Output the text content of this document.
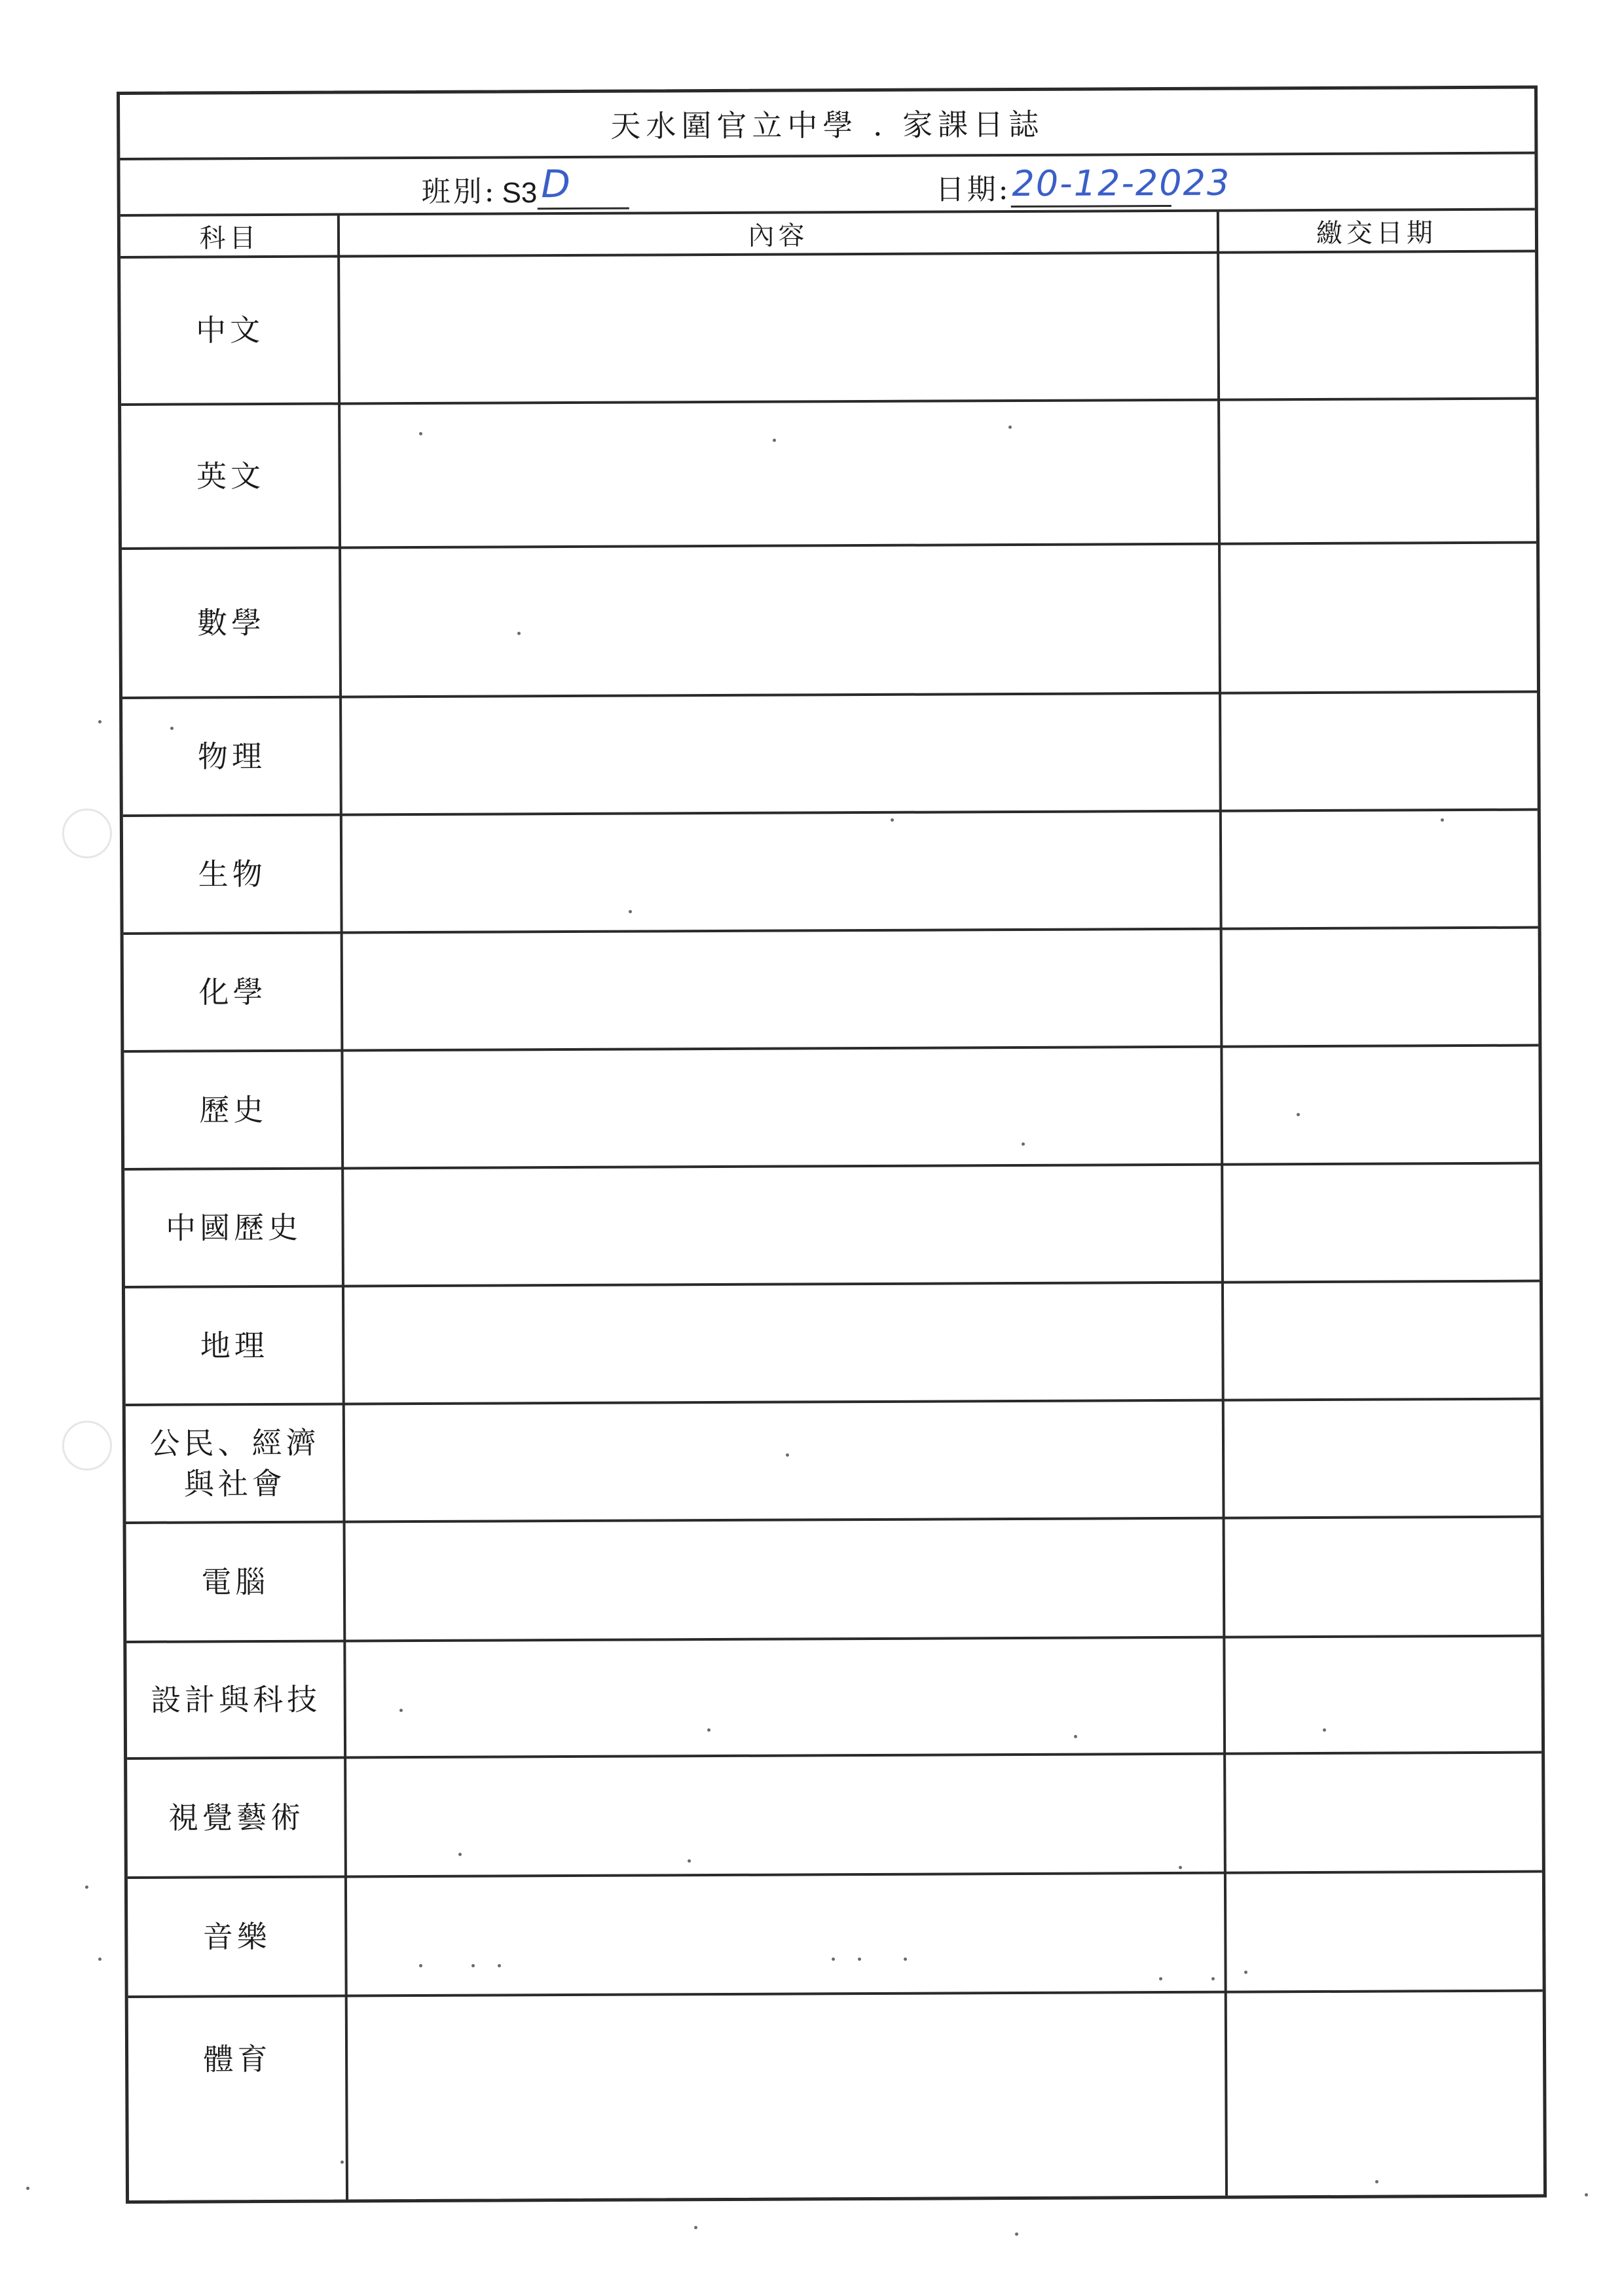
天水圍官立中學 . 家課日誌
班別: S3 D	日期: 20-12-2023
科目	內容	繳交日期
中文
英文
數學
物理
生物
化學
歷史
中國歷史
地理
公民、經濟
與社會
電腦
設計與科技
視覺藝術
音樂
體育
